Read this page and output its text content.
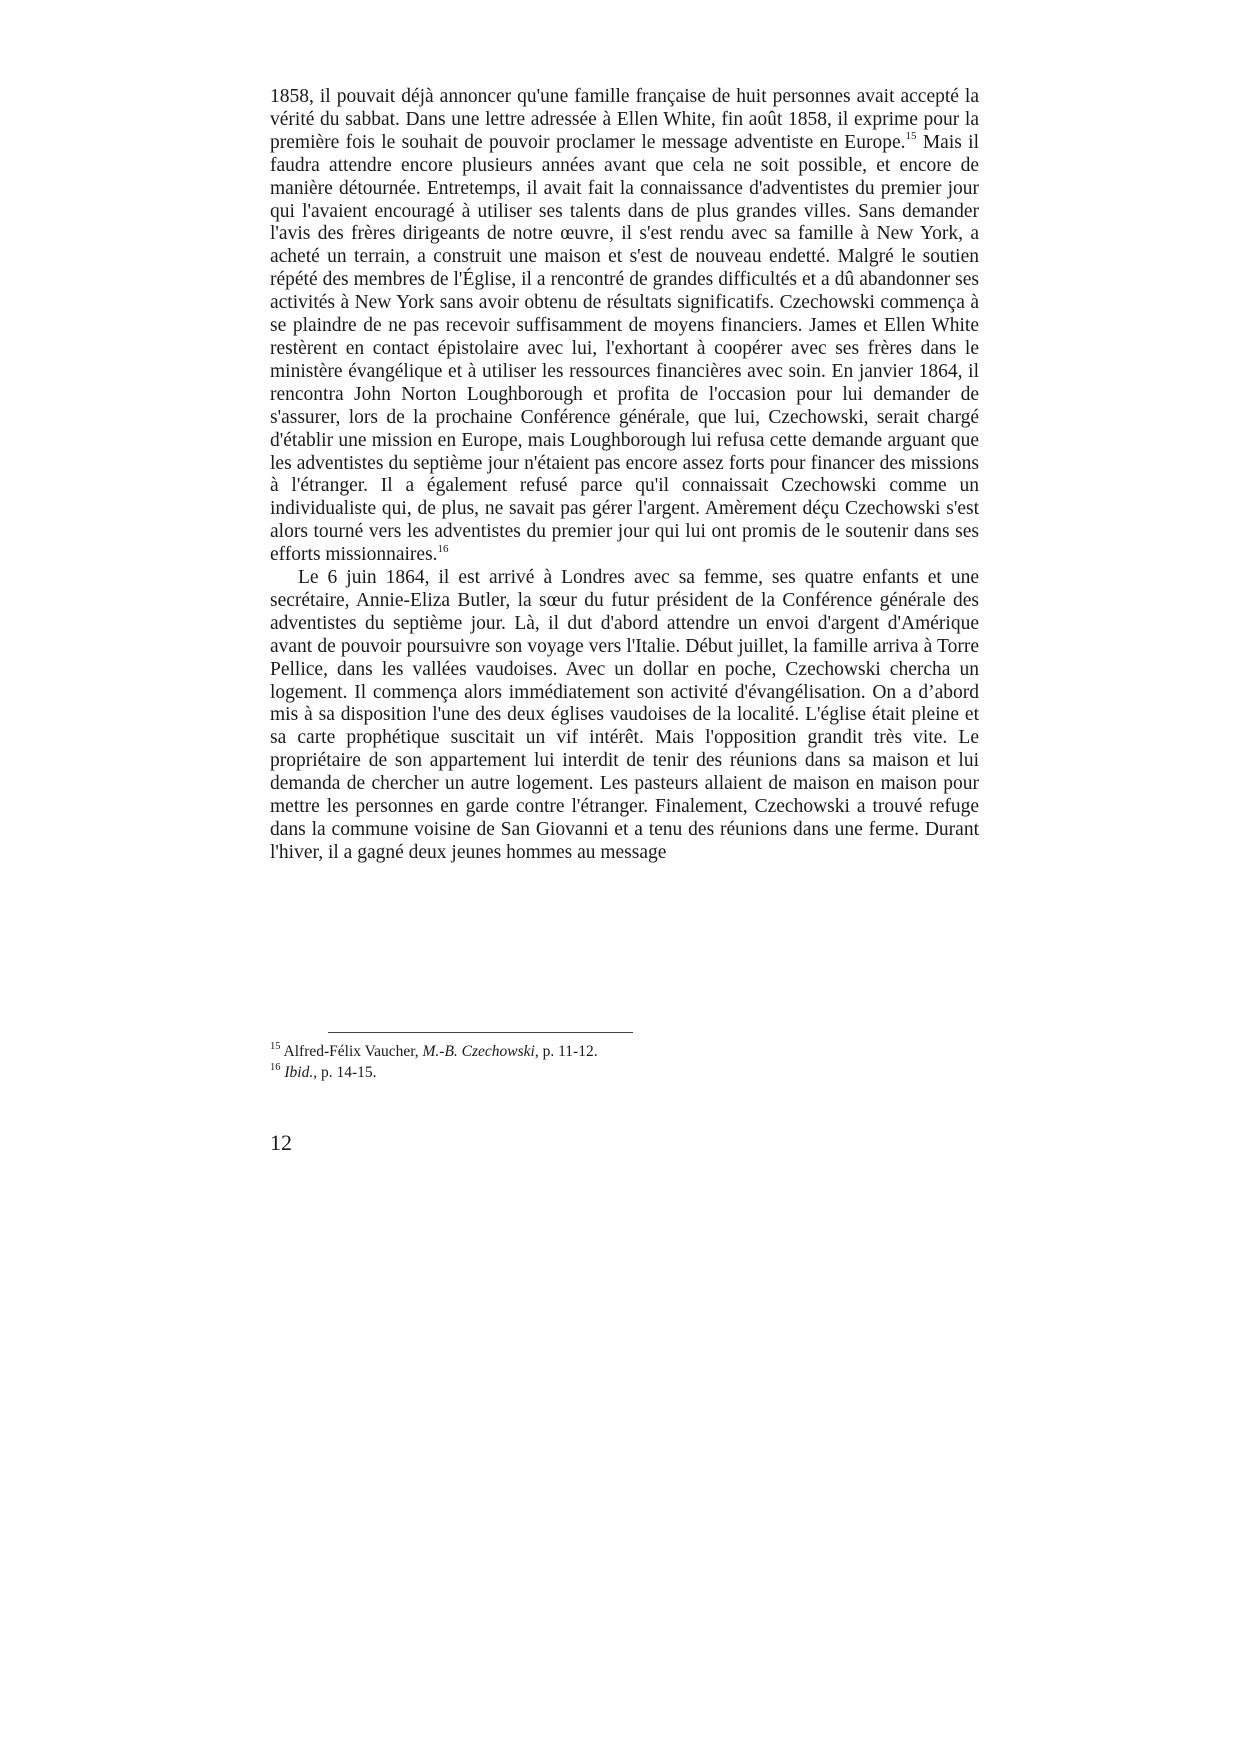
1858, il pouvait déjà annoncer qu'une famille française de huit personnes avait accepté la vérité du sabbat. Dans une lettre adressée à Ellen White, fin août 1858, il exprime pour la première fois le souhait de pouvoir proclamer le message adventiste en Europe.$^{15}$ Mais il faudra attendre encore plusieurs années avant que cela ne soit possible, et encore de manière détournée. Entretemps, il avait fait la connaissance d'adventistes du premier jour qui l'avaient encouragé à utiliser ses talents dans de plus grandes villes. Sans demander l'avis des frères dirigeants de notre œuvre, il s'est rendu avec sa famille à New York, a acheté un terrain, a construit une maison et s'est de nouveau endetté. Malgré le soutien répété des membres de l'Église, il a rencontré de grandes difficultés et a dû abandonner ses activités à New York sans avoir obtenu de résultats significatifs. Czechowski commença à se plaindre de ne pas recevoir suffisamment de moyens financiers. James et Ellen White restèrent en contact épistolaire avec lui, l'exhortant à coopérer avec ses frères dans le ministère évangélique et à utiliser les ressources financières avec soin. En janvier 1864, il rencontra John Norton Loughborough et profita de l'occasion pour lui demander de s'assurer, lors de la prochaine Conférence générale, que lui, Czechowski, serait chargé d'établir une mission en Europe, mais Loughborough lui refusa cette demande arguant que les adventistes du septième jour n'étaient pas encore assez forts pour financer des missions à l'étranger. Il a également refusé parce qu'il connaissait Czechowski comme un individualiste qui, de plus, ne savait pas gérer l'argent. Amèrement déçu Czechowski s'est alors tourné vers les adventistes du premier jour qui lui ont promis de le soutenir dans ses efforts missionnaires.$^{16}$

Le 6 juin 1864, il est arrivé à Londres avec sa femme, ses quatre enfants et une secrétaire, Annie-Eliza Butler, la sœur du futur président de la Conférence générale des adventistes du septième jour. Là, il dut d'abord attendre un envoi d'argent d'Amérique avant de pouvoir poursuivre son voyage vers l'Italie. Début juillet, la famille arriva à Torre Pellice, dans les vallées vaudoises. Avec un dollar en poche, Czechowski chercha un logement. Il commença alors immédiatement son activité d'évangélisation. On a d’abord mis à sa disposition l'une des deux églises vaudoises de la localité. L'église était pleine et sa carte prophétique suscitait un vif intérêt. Mais l'opposition grandit très vite. Le propriétaire de son appartement lui interdit de tenir des réunions dans sa maison et lui demanda de chercher un autre logement. Les pasteurs allaient de maison en maison pour mettre les personnes en garde contre l'étranger. Finalement, Czechowski a trouvé refuge dans la commune voisine de San Giovanni et a tenu des réunions dans une ferme. Durant l'hiver, il a gagné deux jeunes hommes au message

$^{15}$ Alfred-Félix Vaucher, M.-B. Czechowski, p. 11-12.

$^{16}$ Ibid., p. 14-15.

12
